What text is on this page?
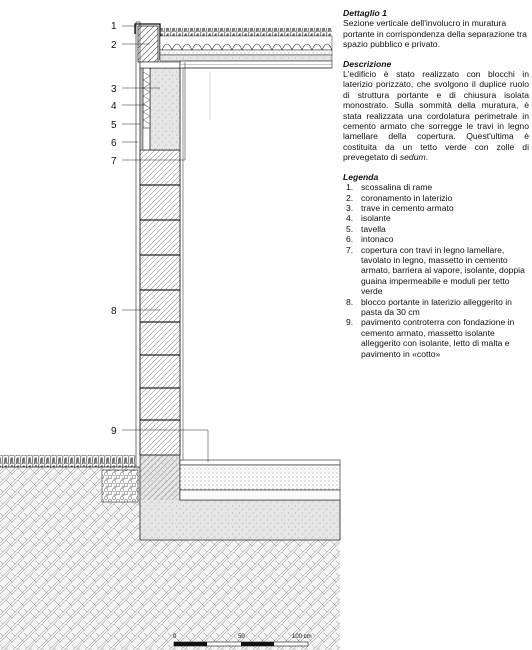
1
2
3
4
5
6
7
8
9
0	50	100 cm

Dettaglio 1

Sezione verticale dell'involucro in muratura portante in corrispondenza della separazione tra spazio pubblico e privato.

Descrizione

L'edificio è stato realizzato con blocchi in laterizio porizzato, che svolgono il duplice ruolo di struttura portante e di chiusura isolata monostrato. Sulla sommità della muratura, è stata realizzata una cordolatura perimetrale in cemento armato che sorregge le travi in legno lamellare della copertura. Quest'ultima è costituita da un tetto verde con zolle di prevegetato di sedum.

Legenda

1. scossalina di rame
2. coronamento in laterizio
3. trave in cemento armato
4. isolante
5. tavella
6. intonaco
7. copertura con travi in legno lamellare, tavolato in legno, massetto in cemento armato, barriera al vapore, isolante, doppia guaina impermeabile e moduli per tetto verde
8. blocco portante in laterizio alleggerito in pasta da 30 cm
9. pavimento controterra con fondazione in cemento armato, massetto isolante alleggerito con isolante, letto di malta e pavimento in «cotto»
